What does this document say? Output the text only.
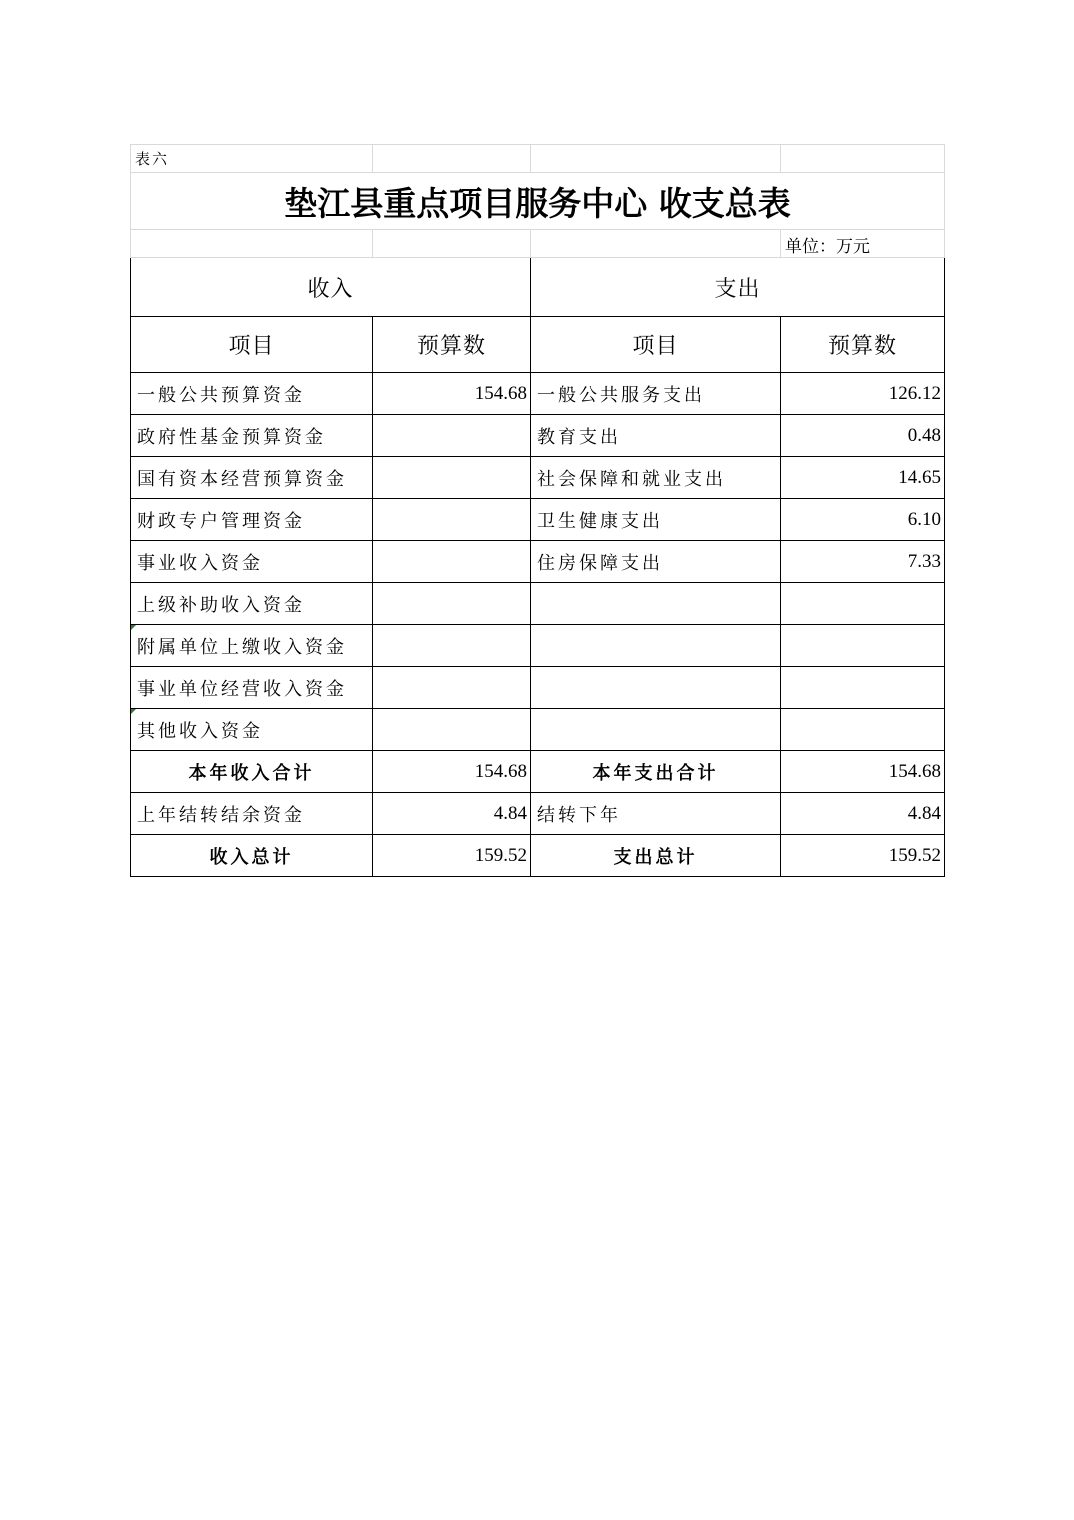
表六			
垫江县重点项目服务中心 收支总表			
			单位：万元
收入		支出	
项目	预算数	项目	预算数
一般公共预算资金	154.68	一般公共服务支出	126.12
政府性基金预算资金		教育支出	0.48
国有资本经营预算资金		社会保障和就业支出	14.65
财政专户管理资金		卫生健康支出	6.10
事业收入资金		住房保障支出	7.33
上级补助收入资金			
附属单位上缴收入资金			
事业单位经营收入资金			
其他收入资金			
本年收入合计	154.68	本年支出合计	154.68
上年结转结余资金	4.84	结转下年	4.84
收入总计	159.52	支出总计	159.52
